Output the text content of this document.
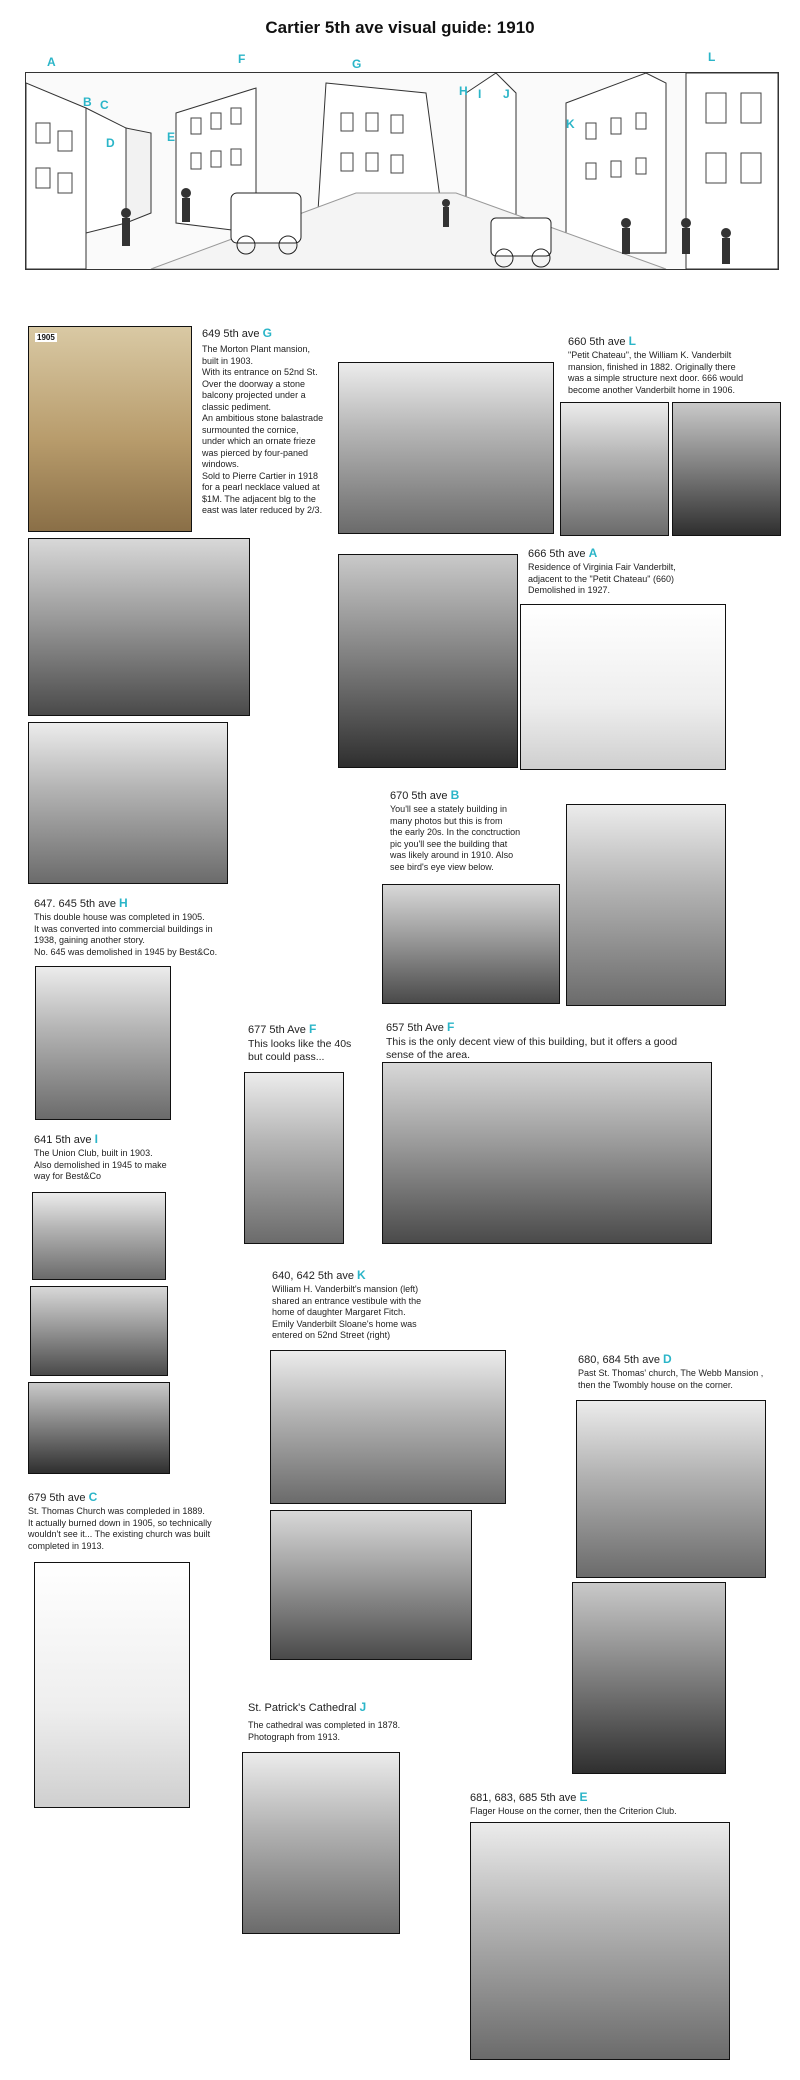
Cartier 5th ave visual guide: 1910
A
B C
D	E
F	G
H I J
K
L
1905	649 5th ave G
The Morton Plant mansion,
built in 1903.
With its entrance on 52nd St.
Over the doorway a stone
balcony projected under a
classic pediment.
An ambitious stone balastrade
surmounted the cornice,
under which an ornate frieze
was pierced by four-paned
windows.
Sold to Pierre Cartier in 1918
for a pearl necklace valued at
$1M. The adjacent blg to the
east was later reduced by 2/3.
660 5th ave L
"Petit Chateau", the William K. Vanderbilt
mansion, finished in 1882. Originally there
was a simple structure next door. 666 would
become another Vanderbilt home in 1906.
666 5th ave A
Residence of Virginia Fair Vanderbilt,
adjacent to the "Petit Chateau" (660)
Demolished in 1927.
670 5th ave B
You'll see a stately building in
many photos but this is from
the early 20s. In the conctruction
pic you'll see the building that
was likely around in 1910. Also
see bird's eye view below.
647. 645 5th ave H
This double house was completed in 1905.
It was converted into commercial buildings in
1938, gaining another story.
No. 645 was demolished in 1945 by Best&Co.
677 5th Ave F
This looks like the 40s
but could pass...
657 5th Ave F
This is the only decent view of this building, but it offers a good
sense of the area.
641 5th ave I
The Union Club, built in 1903.
Also demolished in 1945 to make
way for Best&Co
640, 642 5th ave K
William H. Vanderbilt's mansion (left)
shared an entrance vestibule with the
home of daughter Margaret Fitch.
Emily Vanderbilt Sloane's home was
entered on 52nd Street (right)
680, 684 5th ave D
Past St. Thomas' church, The Webb Mansion ,
then the Twombly house on the corner.
679 5th ave C
St. Thomas Church was compleded in 1889.
It actually burned down in 1905, so technically
wouldn't see it... The existing church was built
completed in 1913.
St. Patrick's Cathedral J
The cathedral was completed in 1878.
Photograph from 1913.
681, 683, 685 5th ave E
Flager House on the corner, then the Criterion Club.
